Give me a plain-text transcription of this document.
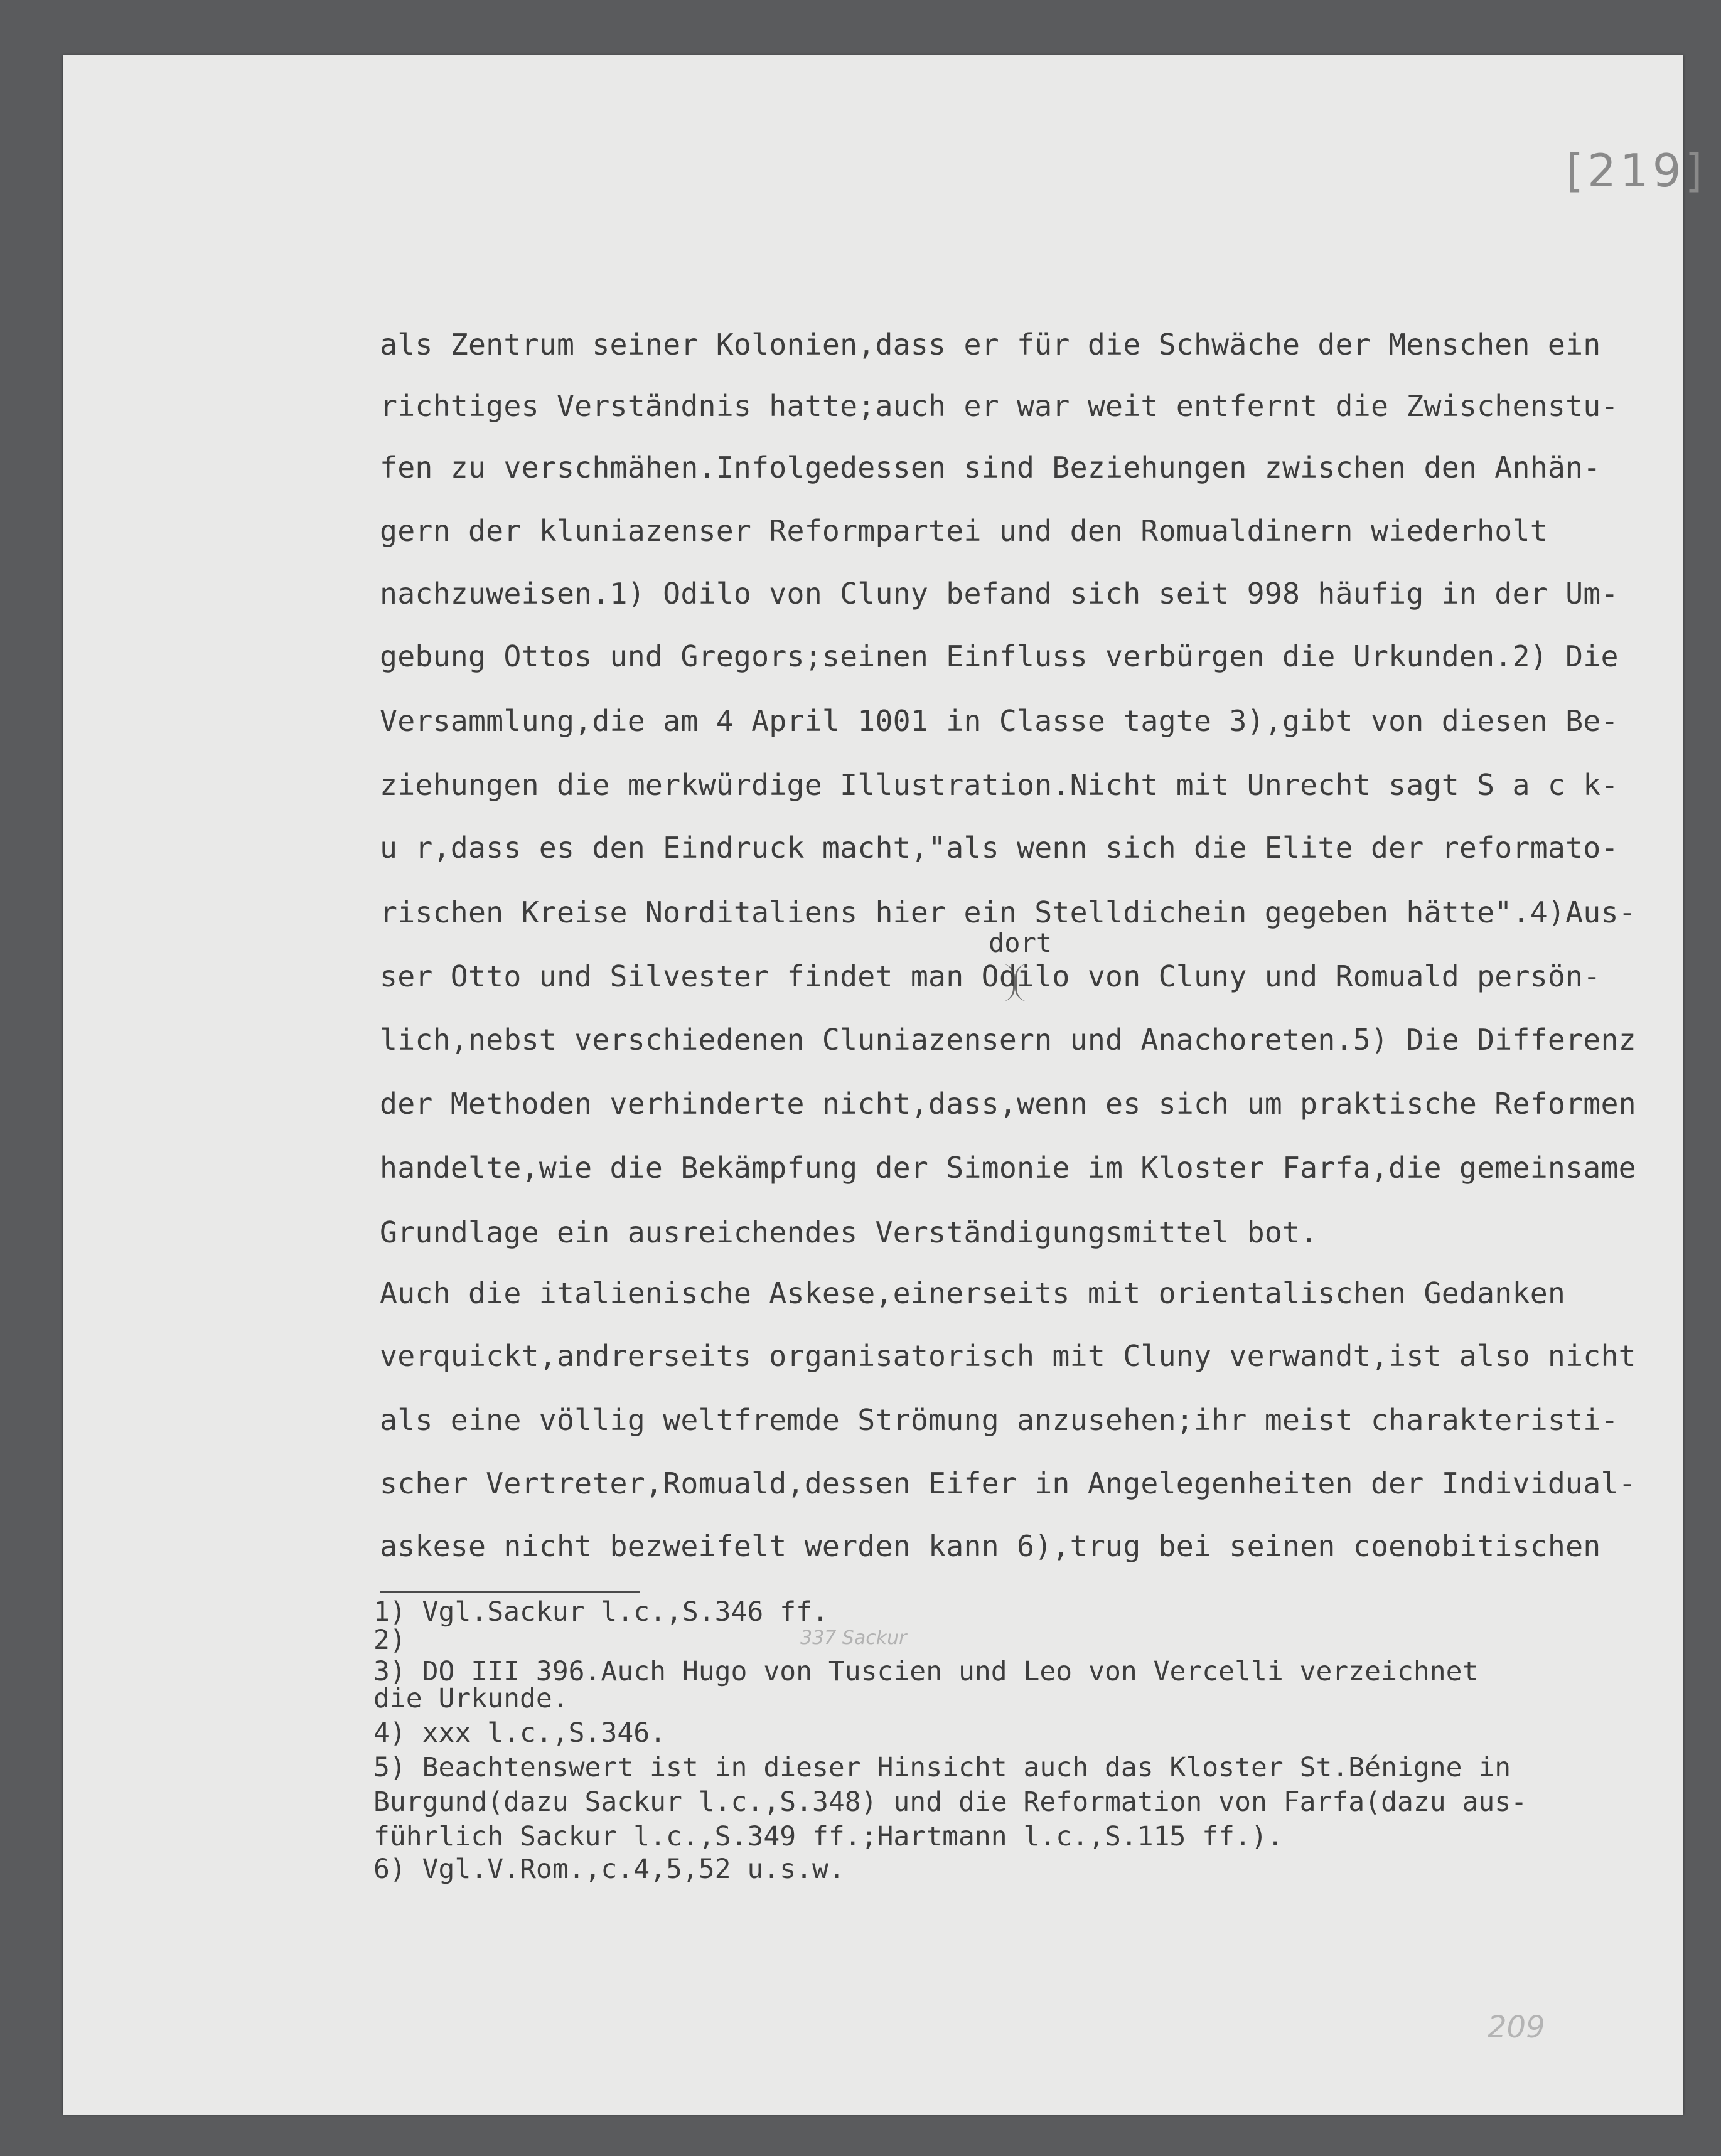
[219]
als Zentrum seiner Kolonien,dass er für die Schwäche der Menschen ein
richtiges Verständnis hatte;auch er war weit entfernt die Zwischenstu-
fen zu verschmähen.Infolgedessen sind Beziehungen zwischen den Anhän-
gern der kluniazenser Reformpartei und den Romualdinern wiederholt
nachzuweisen.1) Odilo von Cluny befand sich seit 998 häufig in der Um-
gebung Ottos und Gregors;seinen Einfluss verbürgen die Urkunden.2) Die
Versammlung,die am 4 April 1001 in Classe tagte 3),gibt von diesen Be-
ziehungen die merkwürdige Illustration.Nicht mit Unrecht sagt S a c k-
u r,dass es den Eindruck macht,"als wenn sich die Elite der reformato-
rischen Kreise Norditaliens hier ein Stelldichein gegeben hätte".4)Aus-
dort
ser Otto und Silvester findet man Odilo von Cluny und Romuald persön-
lich,nebst verschiedenen Cluniazensern und Anachoreten.5) Die Differenz
der Methoden verhinderte nicht,dass,wenn es sich um praktische Reformen
handelte,wie die Bekämpfung der Simonie im Kloster Farfa,die gemeinsame
Grundlage ein ausreichendes Verständigungsmittel bot.
Auch die italienische Askese,einerseits mit orientalischen Gedanken
verquickt,andrerseits organisatorisch mit Cluny verwandt,ist also nicht
als eine völlig weltfremde Strömung anzusehen;ihr meist charakteristi-
scher Vertreter,Romuald,dessen Eifer in Angelegenheiten der Individual-
askese nicht bezweifelt werden kann 6),trug bei seinen coenobitischen
1) Vgl.Sackur l.c.,S.346 ff.
2)	337 Sackur
3) DO III 396.Auch Hugo von Tuscien und Leo von Vercelli verzeichnet
die Urkunde.
4) xxx l.c.,S.346.
5) Beachtenswert ist in dieser Hinsicht auch das Kloster St.Bénigne in
Burgund(dazu Sackur l.c.,S.348) und die Reformation von Farfa(dazu aus-
führlich Sackur l.c.,S.349 ff.;Hartmann l.c.,S.115 ff.).
6) Vgl.V.Rom.,c.4,5,52 u.s.w.
209
